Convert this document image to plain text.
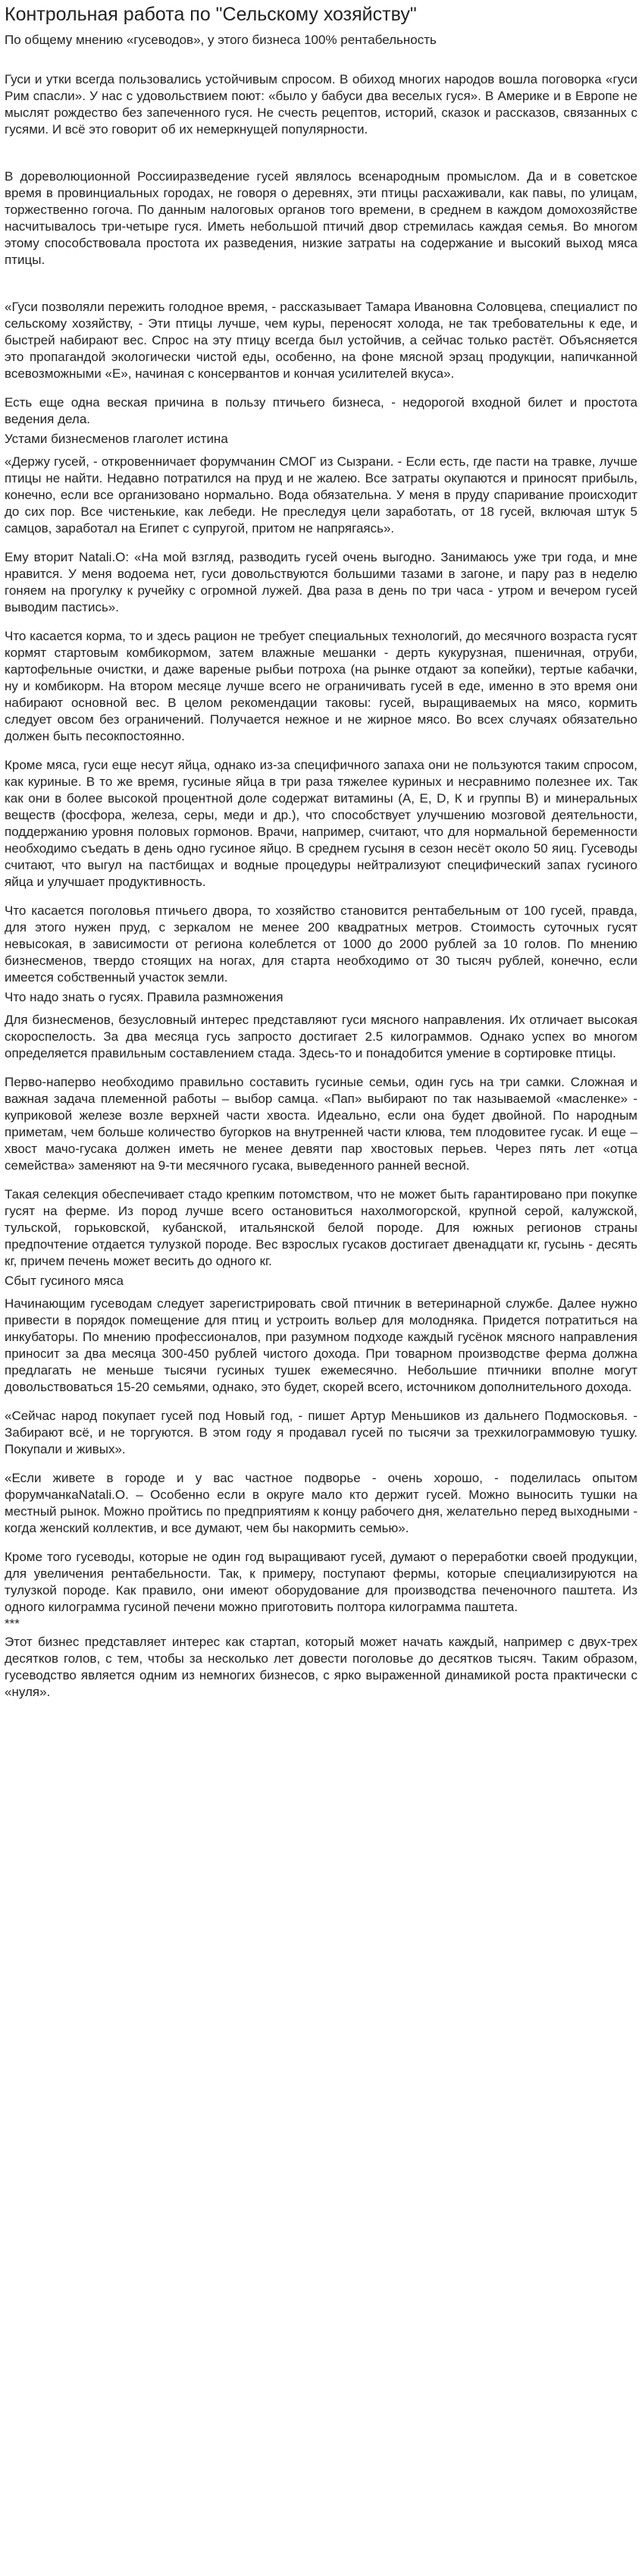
Контрольная работа по "Сельскому хозяйству"
По общему мнению «гусеводов», у этого бизнеса 100% рентабельность
Гуси и утки всегда пользовались устойчивым спросом. В обиход многих народов вошла поговорка «гуси Рим спасли». У нас с удовольствием поют: «было у бабуси два веселых гуся». В Америке и в Европе не мыслят рождество без запеченного гуся. Не счесть рецептов, историй, сказок и рассказов, связанных с гусями. И всё это говорит об их немеркнущей популярности.
В дореволюционной Россииразведение гусей являлось всенародным промыслом. Да и в советское время в провинциальных городах, не говоря о деревнях, эти птицы расхаживали, как павы, по улицам, торжественно гогоча. По данным налоговых органов того времени, в среднем в каждом домохозяйстве насчитывалось три-четыре гуся. Иметь небольшой птичий двор стремилась каждая семья. Во многом этому способствовала простота их разведения, низкие затраты на содержание и высокий выход мяса птицы.
«Гуси позволяли пережить голодное время, - рассказывает Тамара Ивановна Соловцева, специалист по сельскому хозяйству, - Эти птицы лучше, чем куры, переносят холода, не так требовательны к еде, и быстрей набирают вес. Спрос на эту птицу всегда был устойчив, а сейчас только растёт. Объясняется это пропагандой экологически чистой еды, особенно, на фоне мясной эрзац продукции, напичканной всевозможными «Е», начиная с консервантов и кончая усилителей вкуса».
Есть еще одна веская причина в пользу птичьего бизнеса, - недорогой входной билет и простота ведения дела.
Устами бизнесменов глаголет истина
«Держу гусей, - откровенничает форумчанин СМОГ из Сызрани. - Если есть, где пасти на травке, лучше птицы не найти. Недавно потратился на пруд и не жалею. Все затраты окупаются и приносят прибыль, конечно, если все организовано нормально. Вода обязательна. У меня в пруду спаривание происходит до сих пор. Все чистенькие, как лебеди. Не преследуя цели заработать, от 18 гусей, включая штук 5 самцов, заработал на Египет с супругой, притом не напрягаясь».
Ему вторит Natali.O: «На мой взгляд, разводить гусей очень выгодно. Занимаюсь уже три года, и мне нравится. У меня водоема нет, гуси довольствуются большими тазами в загоне, и пару раз в неделю гоняем на прогулку к ручейку с огромной лужей. Два раза в день по три часа - утром и вечером гусей выводим пастись».
Что касается корма, то и здесь рацион не требует специальных технологий, до месячного возраста гусят кормят стартовым комбикормом, затем влажные мешанки - дерть кукурузная, пшеничная, отруби, картофельные очистки, и даже вареные рыбьи потроха (на рынке отдают за копейки), тертые кабачки, ну и комбикорм. На втором месяце лучше всего не ограничивать гусей в еде, именно в это время они набирают основной вес. В целом рекомендации таковы: гусей, выращиваемых на мясо, кормить следует овсом без ограничений. Получается нежное и не жирное мясо. Во всех случаях обязательно должен быть песокпостоянно.
Кроме мяса, гуси еще несут яйца, однако из-за специфичного запаха они не пользуются таким спросом, как куриные. В то же время, гусиные яйца в три раза тяжелее куриных и несравнимо полезнее их. Так как они в более высокой процентной доле содержат витамины (А, Е, D, К и группы В) и минеральных веществ (фосфора, железа, серы, меди и др.), что способствует улучшению мозговой деятельности, поддержанию уровня половых гормонов. Врачи, например, считают, что для нормальной беременности необходимо съедать в день одно гусиное яйцо. В среднем гусыня в сезон несёт около 50 яиц. Гусеводы считают, что выгул на пастбищах и водные процедуры нейтрализуют специфический запах гусиного яйца и улучшает продуктивность.
Что касается поголовья птичьего двора, то хозяйство становится рентабельным от 100 гусей, правда, для этого нужен пруд, с зеркалом не менее 200 квадратных метров. Стоимость суточных гусят невысокая, в зависимости от региона колеблется от 1000 до 2000 рублей за 10 голов. По мнению бизнесменов, твердо стоящих на ногах, для старта необходимо от 30 тысяч рублей, конечно, если имеется собственный участок земли.
Что надо знать о гусях. Правила размножения
Для бизнесменов, безусловный интерес представляют гуси мясного направления. Их отличает высокая скороспелость. За два месяца гусь запросто достигает 2.5 килограммов. Однако успех во многом определяется правильным составлением стада. Здесь-то и понадобится умение в сортировке птицы.
Перво-наперво необходимо правильно составить гусиные семьи, один гусь на три самки. Сложная и важная задача племенной работы – выбор самца. «Пап» выбирают по так называемой «масленке» - куприковой железе возле верхней части хвоста. Идеально, если она будет двойной. По народным приметам, чем больше количество бугорков на внутренней части клюва, тем плодовитее гусак. И еще – хвост мачо-гусака должен иметь не менее девяти пар хвостовых перьев. Через пять лет «отца семейства» заменяют на 9-ти месячного гусака, выведенного ранней весной.
Такая селекция обеспечивает стадо крепким потомством, что не может быть гарантировано при покупке гусят на ферме. Из пород лучше всего остановиться нахолмогорской, крупной серой, калужской, тульской, горьковской, кубанской, итальянской белой породе. Для южных регионов страны предпочтение отдается тулузкой породе. Вес взрослых гусаков достигает двенадцати кг, гусынь - десять кг, причем печень может весить до одного кг.
Сбыт гусиного мяса
Начинающим гусеводам следует зарегистрировать свой птичник в ветеринарной службе. Далее нужно привести в порядок помещение для птиц и устроить вольер для молодняка. Придется потратиться на инкубаторы. По мнению профессионалов, при разумном подходе каждый гусёнок мясного направления приносит за два месяца 300-450 рублей чистого дохода. При товарном производстве ферма должна предлагать не меньше тысячи гусиных тушек ежемесячно. Небольшие птичники вполне могут довольствоваться 15-20 семьями, однако, это будет, скорей всего, источником дополнительного дохода.
«Сейчас народ покупает гусей под Новый год, - пишет Артур Меньшиков из дальнего Подмосковья. - Забирают всё, и не торгуются. В этом году я продавал гусей по тысячи за трехкилограммовую тушку. Покупали и живых».
«Если живете в городе и у вас частное подворье - очень хорошо, - поделилась опытом форумчанкаNatali.O. – Особенно если в округе мало кто держит гусей. Можно выносить тушки на местный рынок. Можно пройтись по предприятиям к концу рабочего дня, желательно перед выходными - когда женский коллектив, и все думают, чем бы накормить семью».
Кроме того гусеводы, которые не один год выращивают гусей, думают о переработки своей продукции, для увеличения рентабельности. Так, к примеру, поступают фермы, которые специализируются на тулузкой породе. Как правило, они имеют оборудование для производства печеночного паштета. Из одного килограмма гусиной печени можно приготовить полтора килограмма паштета.
***
Этот бизнес представляет интерес как стартап, который может начать каждый, например с двух-трех десятков голов, с тем, чтобы за несколько лет довести поголовье до десятков тысяч. Таким образом, гусеводство является одним из немногих бизнесов, с ярко выраженной динамикой роста практически с «нуля».
